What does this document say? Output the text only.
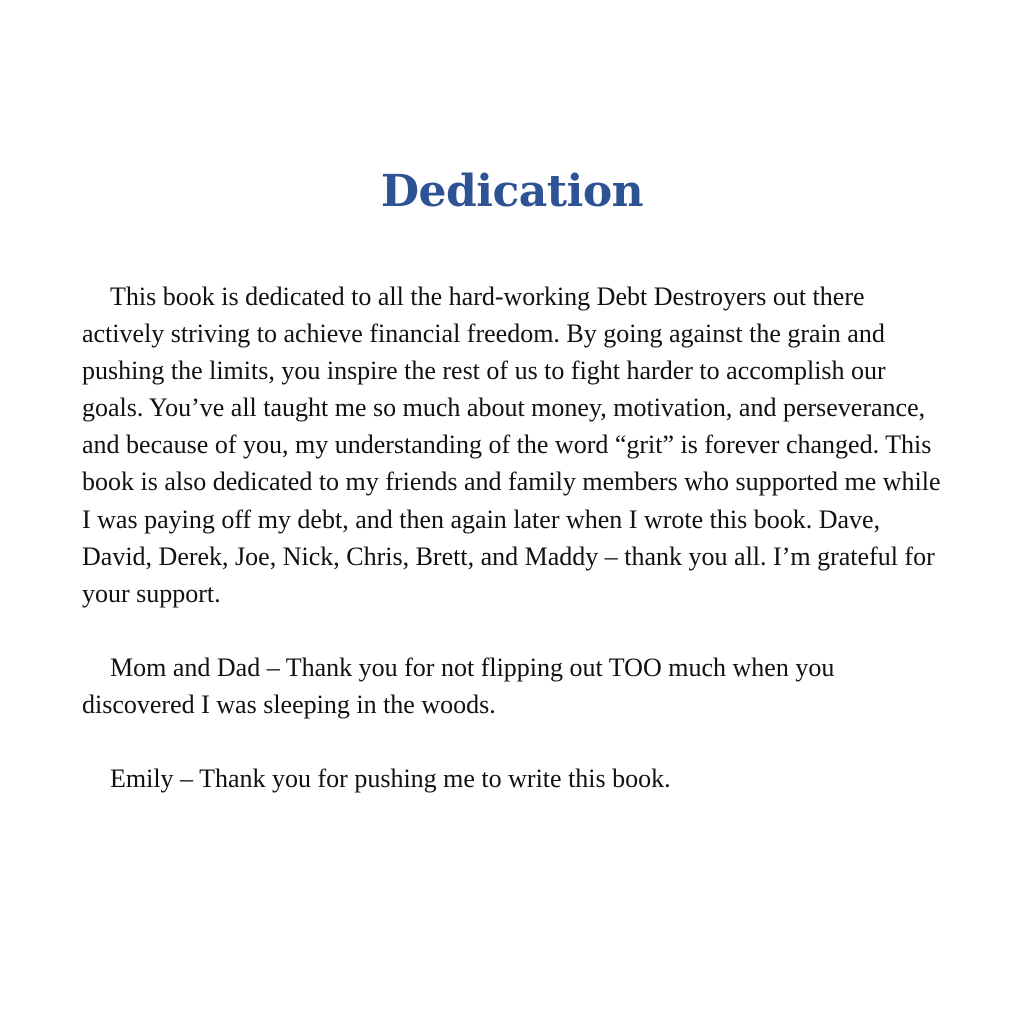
Dedication

This book is dedicated to all the hard-working Debt Destroyers out there actively striving to achieve financial freedom. By going against the grain and pushing the limits, you inspire the rest of us to fight harder to accomplish our goals. You’ve all taught me so much about money, motivation, and perseverance, and because of you, my understanding of the word “grit” is forever changed. This book is also dedicated to my friends and family members who supported me while I was paying off my debt, and then again later when I wrote this book. Dave, David, Derek, Joe, Nick, Chris, Brett, and Maddy – thank you all. I’m grateful for your support.

Mom and Dad – Thank you for not flipping out TOO much when you discovered I was sleeping in the woods.

Emily – Thank you for pushing me to write this book.
